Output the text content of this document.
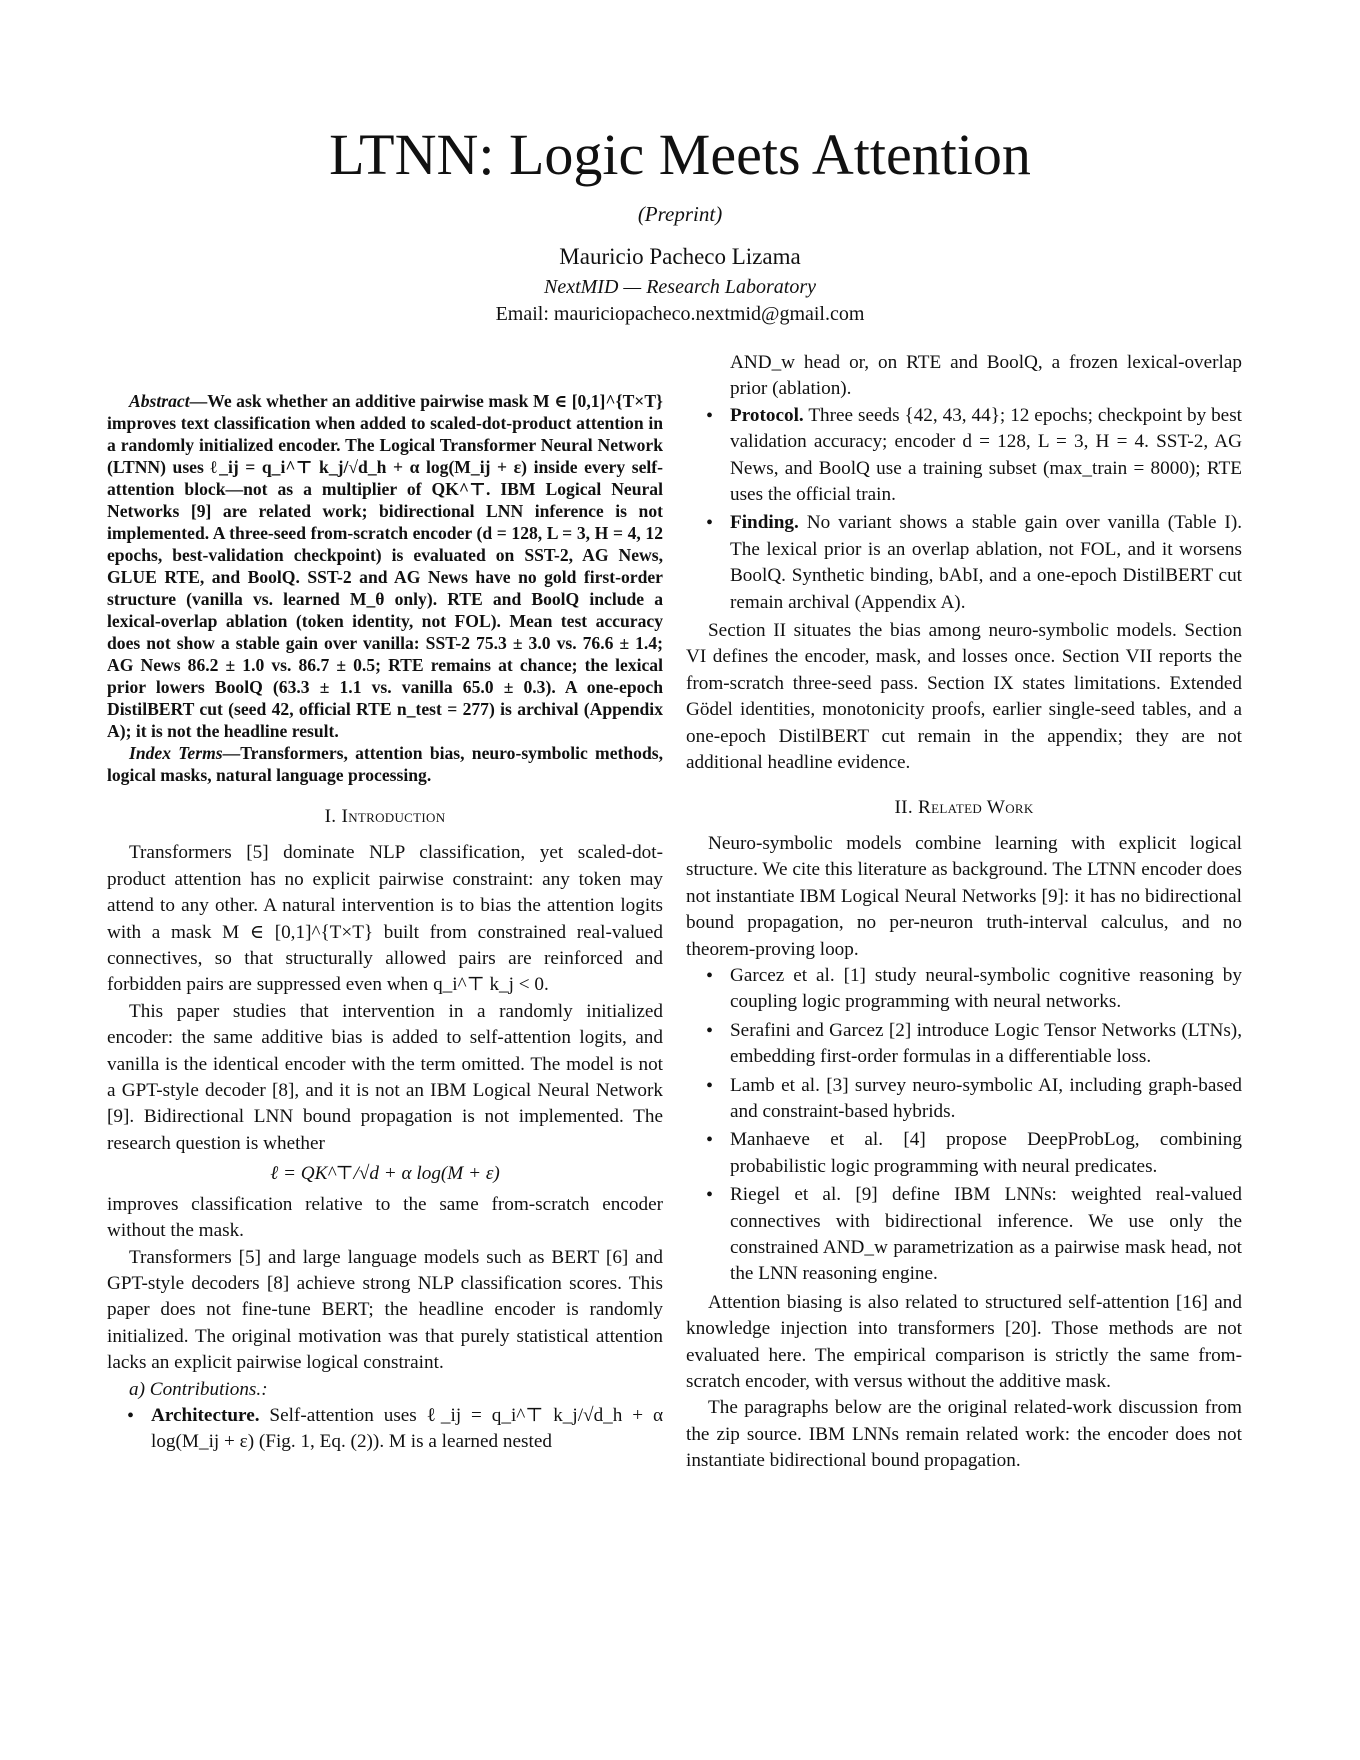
LTNN: Logic Meets Attention
(Preprint)
Mauricio Pacheco Lizama
NextMID — Research Laboratory
Email: mauriciopacheco.nextmid@gmail.com

Abstract—We ask whether an additive pairwise mask M ∈ [0,1]^{T×T} improves text classification when added to scaled-dot-product attention in a randomly initialized encoder. The Logical Transformer Neural Network (LTNN) uses ℓ_ij = q_i^⊤ k_j/√d_h + α log(M_ij + ε) inside every self-attention block—not as a multiplier of QK^⊤. IBM Logical Neural Networks [9] are related work; bidirectional LNN inference is not implemented. A three-seed from-scratch encoder (d = 128, L = 3, H = 4, 12 epochs, best-validation checkpoint) is evaluated on SST-2, AG News, GLUE RTE, and BoolQ. SST-2 and AG News have no gold first-order structure (vanilla vs. learned M_θ only). RTE and BoolQ include a lexical-overlap ablation (token identity, not FOL). Mean test accuracy does not show a stable gain over vanilla: SST-2 75.3 ± 3.0 vs. 76.6 ± 1.4; AG News 86.2 ± 1.0 vs. 86.7 ± 0.5; RTE remains at chance; the lexical prior lowers BoolQ (63.3 ± 1.1 vs. vanilla 65.0 ± 0.3). A one-epoch DistilBERT cut (seed 42, official RTE n_test = 277) is archival (Appendix A); it is not the headline result.

Index Terms—Transformers, attention bias, neuro-symbolic methods, logical masks, natural language processing.

I. Introduction

Transformers [5] dominate NLP classification, yet scaled-dot-product attention has no explicit pairwise constraint: any token may attend to any other. A natural intervention is to bias the attention logits with a mask M ∈ [0,1]^{T×T} built from constrained real-valued connectives, so that structurally allowed pairs are reinforced and forbidden pairs are suppressed even when q_i^⊤ k_j < 0.

This paper studies that intervention in a randomly initialized encoder: the same additive bias is added to self-attention logits, and vanilla is the identical encoder with the term omitted. The model is not a GPT-style decoder [8], and it is not an IBM Logical Neural Network [9]. Bidirectional LNN bound propagation is not implemented. The research question is whether

ℓ = QK^⊤/√d + α log(M + ε)

improves classification relative to the same from-scratch encoder without the mask.

Transformers [5] and large language models such as BERT [6] and GPT-style decoders [8] achieve strong NLP classification scores. This paper does not fine-tune BERT; the headline encoder is randomly initialized. The original motivation was that purely statistical attention lacks an explicit pairwise logical constraint.

a) Contributions.:

• Architecture. Self-attention uses ℓ_ij = q_i^⊤ k_j/√d_h + α log(M_ij + ε) (Fig. 1, Eq. (2)). M is a learned nested

AND_w head or, on RTE and BoolQ, a frozen lexical-overlap prior (ablation).

• Protocol. Three seeds {42, 43, 44}; 12 epochs; checkpoint by best validation accuracy; encoder d = 128, L = 3, H = 4. SST-2, AG News, and BoolQ use a training subset (max_train = 8000); RTE uses the official train.
• Finding. No variant shows a stable gain over vanilla (Table I). The lexical prior is an overlap ablation, not FOL, and it worsens BoolQ. Synthetic binding, bAbI, and a one-epoch DistilBERT cut remain archival (Appendix A).

Section II situates the bias among neuro-symbolic models. Section VI defines the encoder, mask, and losses once. Section VII reports the from-scratch three-seed pass. Section IX states limitations. Extended Gödel identities, monotonicity proofs, earlier single-seed tables, and a one-epoch DistilBERT cut remain in the appendix; they are not additional headline evidence.

II. Related Work

Neuro-symbolic models combine learning with explicit logical structure. We cite this literature as background. The LTNN encoder does not instantiate IBM Logical Neural Networks [9]: it has no bidirectional bound propagation, no per-neuron truth-interval calculus, and no theorem-proving loop.

• Garcez et al. [1] study neural-symbolic cognitive reasoning by coupling logic programming with neural networks.
• Serafini and Garcez [2] introduce Logic Tensor Networks (LTNs), embedding first-order formulas in a differentiable loss.
• Lamb et al. [3] survey neuro-symbolic AI, including graph-based and constraint-based hybrids.
• Manhaeve et al. [4] propose DeepProbLog, combining probabilistic logic programming with neural predicates.
• Riegel et al. [9] define IBM LNNs: weighted real-valued connectives with bidirectional inference. We use only the constrained AND_w parametrization as a pairwise mask head, not the LNN reasoning engine.

Attention biasing is also related to structured self-attention [16] and knowledge injection into transformers [20]. Those methods are not evaluated here. The empirical comparison is strictly the same from-scratch encoder, with versus without the additive mask.

The paragraphs below are the original related-work discussion from the zip source. IBM LNNs remain related work: the encoder does not instantiate bidirectional bound propagation.
